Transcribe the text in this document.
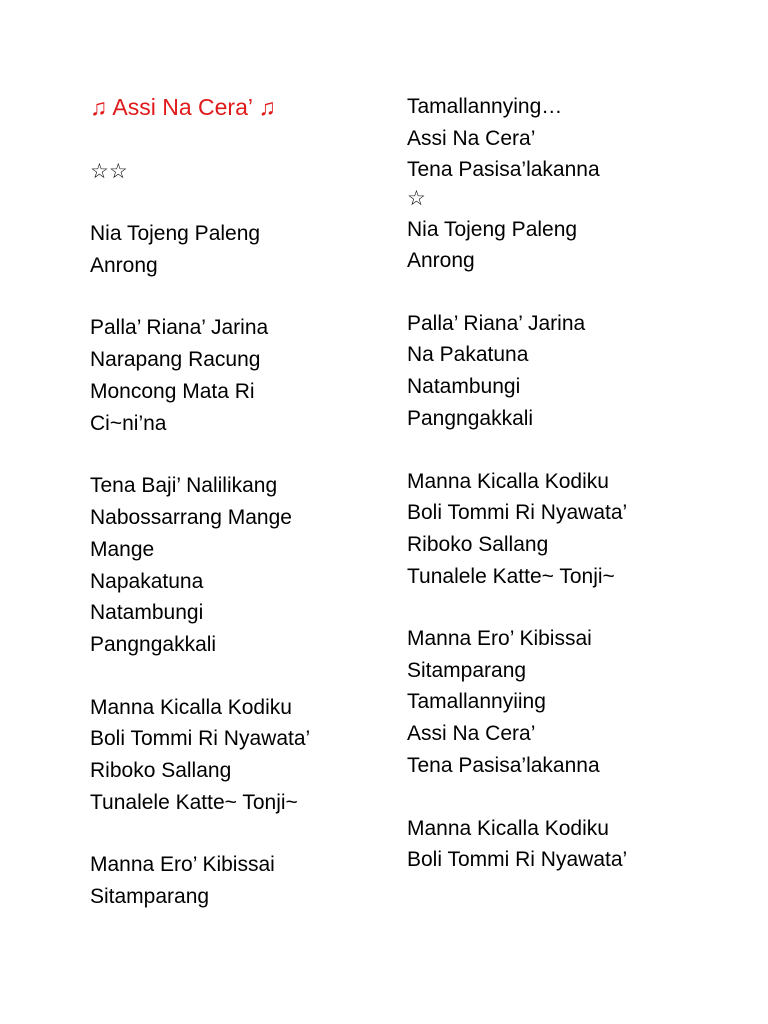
♫ Assi Na Cera’ ♫
☆☆
Nia Tojeng Paleng
Anrong
Palla’ Riana’ Jarina
Narapang Racung
Moncong Mata Ri
Ci~ni’na
Tena Baji’ Nalilikang
Nabossarrang Mange
Mange
Napakatuna
Natambungi
Pangngakkali
Manna Kicalla Kodiku
Boli Tommi Ri Nyawata’
Riboko Sallang
Tunalele Katte~ Tonji~
Manna Ero’ Kibissai
Sitamparang
Tamallannying…
Assi Na Cera’
Tena Pasisa’lakanna
☆
Nia Tojeng Paleng
Anrong
Palla’ Riana’ Jarina
Na Pakatuna
Natambungi
Pangngakkali
Manna Kicalla Kodiku
Boli Tommi Ri Nyawata’
Riboko Sallang
Tunalele Katte~ Tonji~
Manna Ero’ Kibissai
Sitamparang
Tamallannyiing
Assi Na Cera’
Tena Pasisa’lakanna
Manna Kicalla Kodiku
Boli Tommi Ri Nyawata’
